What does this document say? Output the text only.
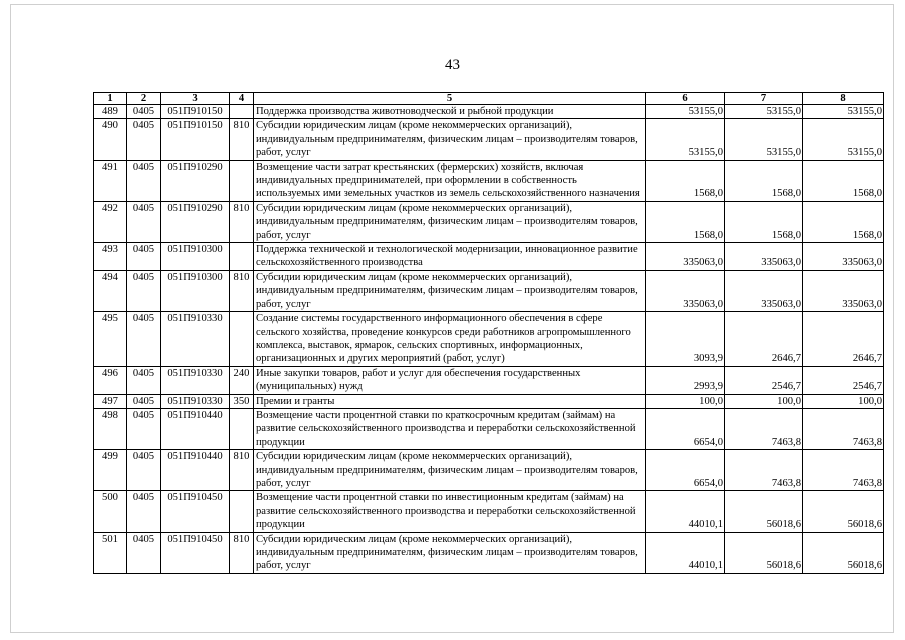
43
1	2	3	4	5	6	7	8
489	0405	051П910150		Поддержка производства животноводческой и рыбной продукции	53155,0	53155,0	53155,0
490	0405	051П910150	810	Субсидии юридическим лицам (кроме некоммерческих организаций), индивидуальным предпринимателям, физическим лицам – производителям товаров, работ, услуг	53155,0	53155,0	53155,0
491	0405	051П910290		Возмещение части затрат крестьянских (фермерских) хозяйств, включая индивидуальных предпринимателей, при оформлении в собственность используемых ими земельных участков из земель сельскохозяйственного назначения	1568,0	1568,0	1568,0
492	0405	051П910290	810	Субсидии юридическим лицам (кроме некоммерческих организаций), индивидуальным предпринимателям, физическим лицам – производителям товаров, работ, услуг	1568,0	1568,0	1568,0
493	0405	051П910300		Поддержка технической и технологической модернизации, инновационное развитие сельскохозяйственного производства	335063,0	335063,0	335063,0
494	0405	051П910300	810	Субсидии юридическим лицам (кроме некоммерческих организаций), индивидуальным предпринимателям, физическим лицам – производителям товаров, работ, услуг	335063,0	335063,0	335063,0
495	0405	051П910330		Создание системы государственного информационного обеспечения в сфере сельского хозяйства, проведение конкурсов среди работников агропромышленного комплекса, выставок, ярмарок, сельских спортивных, информационных, организационных и других мероприятий (работ, услуг)	3093,9	2646,7	2646,7
496	0405	051П910330	240	Иные закупки товаров, работ и услуг для обеспечения государственных (муниципальных) нужд	2993,9	2546,7	2546,7
497	0405	051П910330	350	Премии и гранты	100,0	100,0	100,0
498	0405	051П910440		Возмещение части процентной ставки по краткосрочным кредитам (займам) на развитие сельскохозяйственного производства и переработки сельскохозяйственной продукции	6654,0	7463,8	7463,8
499	0405	051П910440	810	Субсидии юридическим лицам (кроме некоммерческих организаций), индивидуальным предпринимателям, физическим лицам – производителям товаров, работ, услуг	6654,0	7463,8	7463,8
500	0405	051П910450		Возмещение части процентной ставки по инвестиционным кредитам (займам) на развитие сельскохозяйственного производства и переработки сельскохозяйственной продукции	44010,1	56018,6	56018,6
501	0405	051П910450	810	Субсидии юридическим лицам (кроме некоммерческих организаций), индивидуальным предпринимателям, физическим лицам – производителям товаров, работ, услуг	44010,1	56018,6	56018,6
